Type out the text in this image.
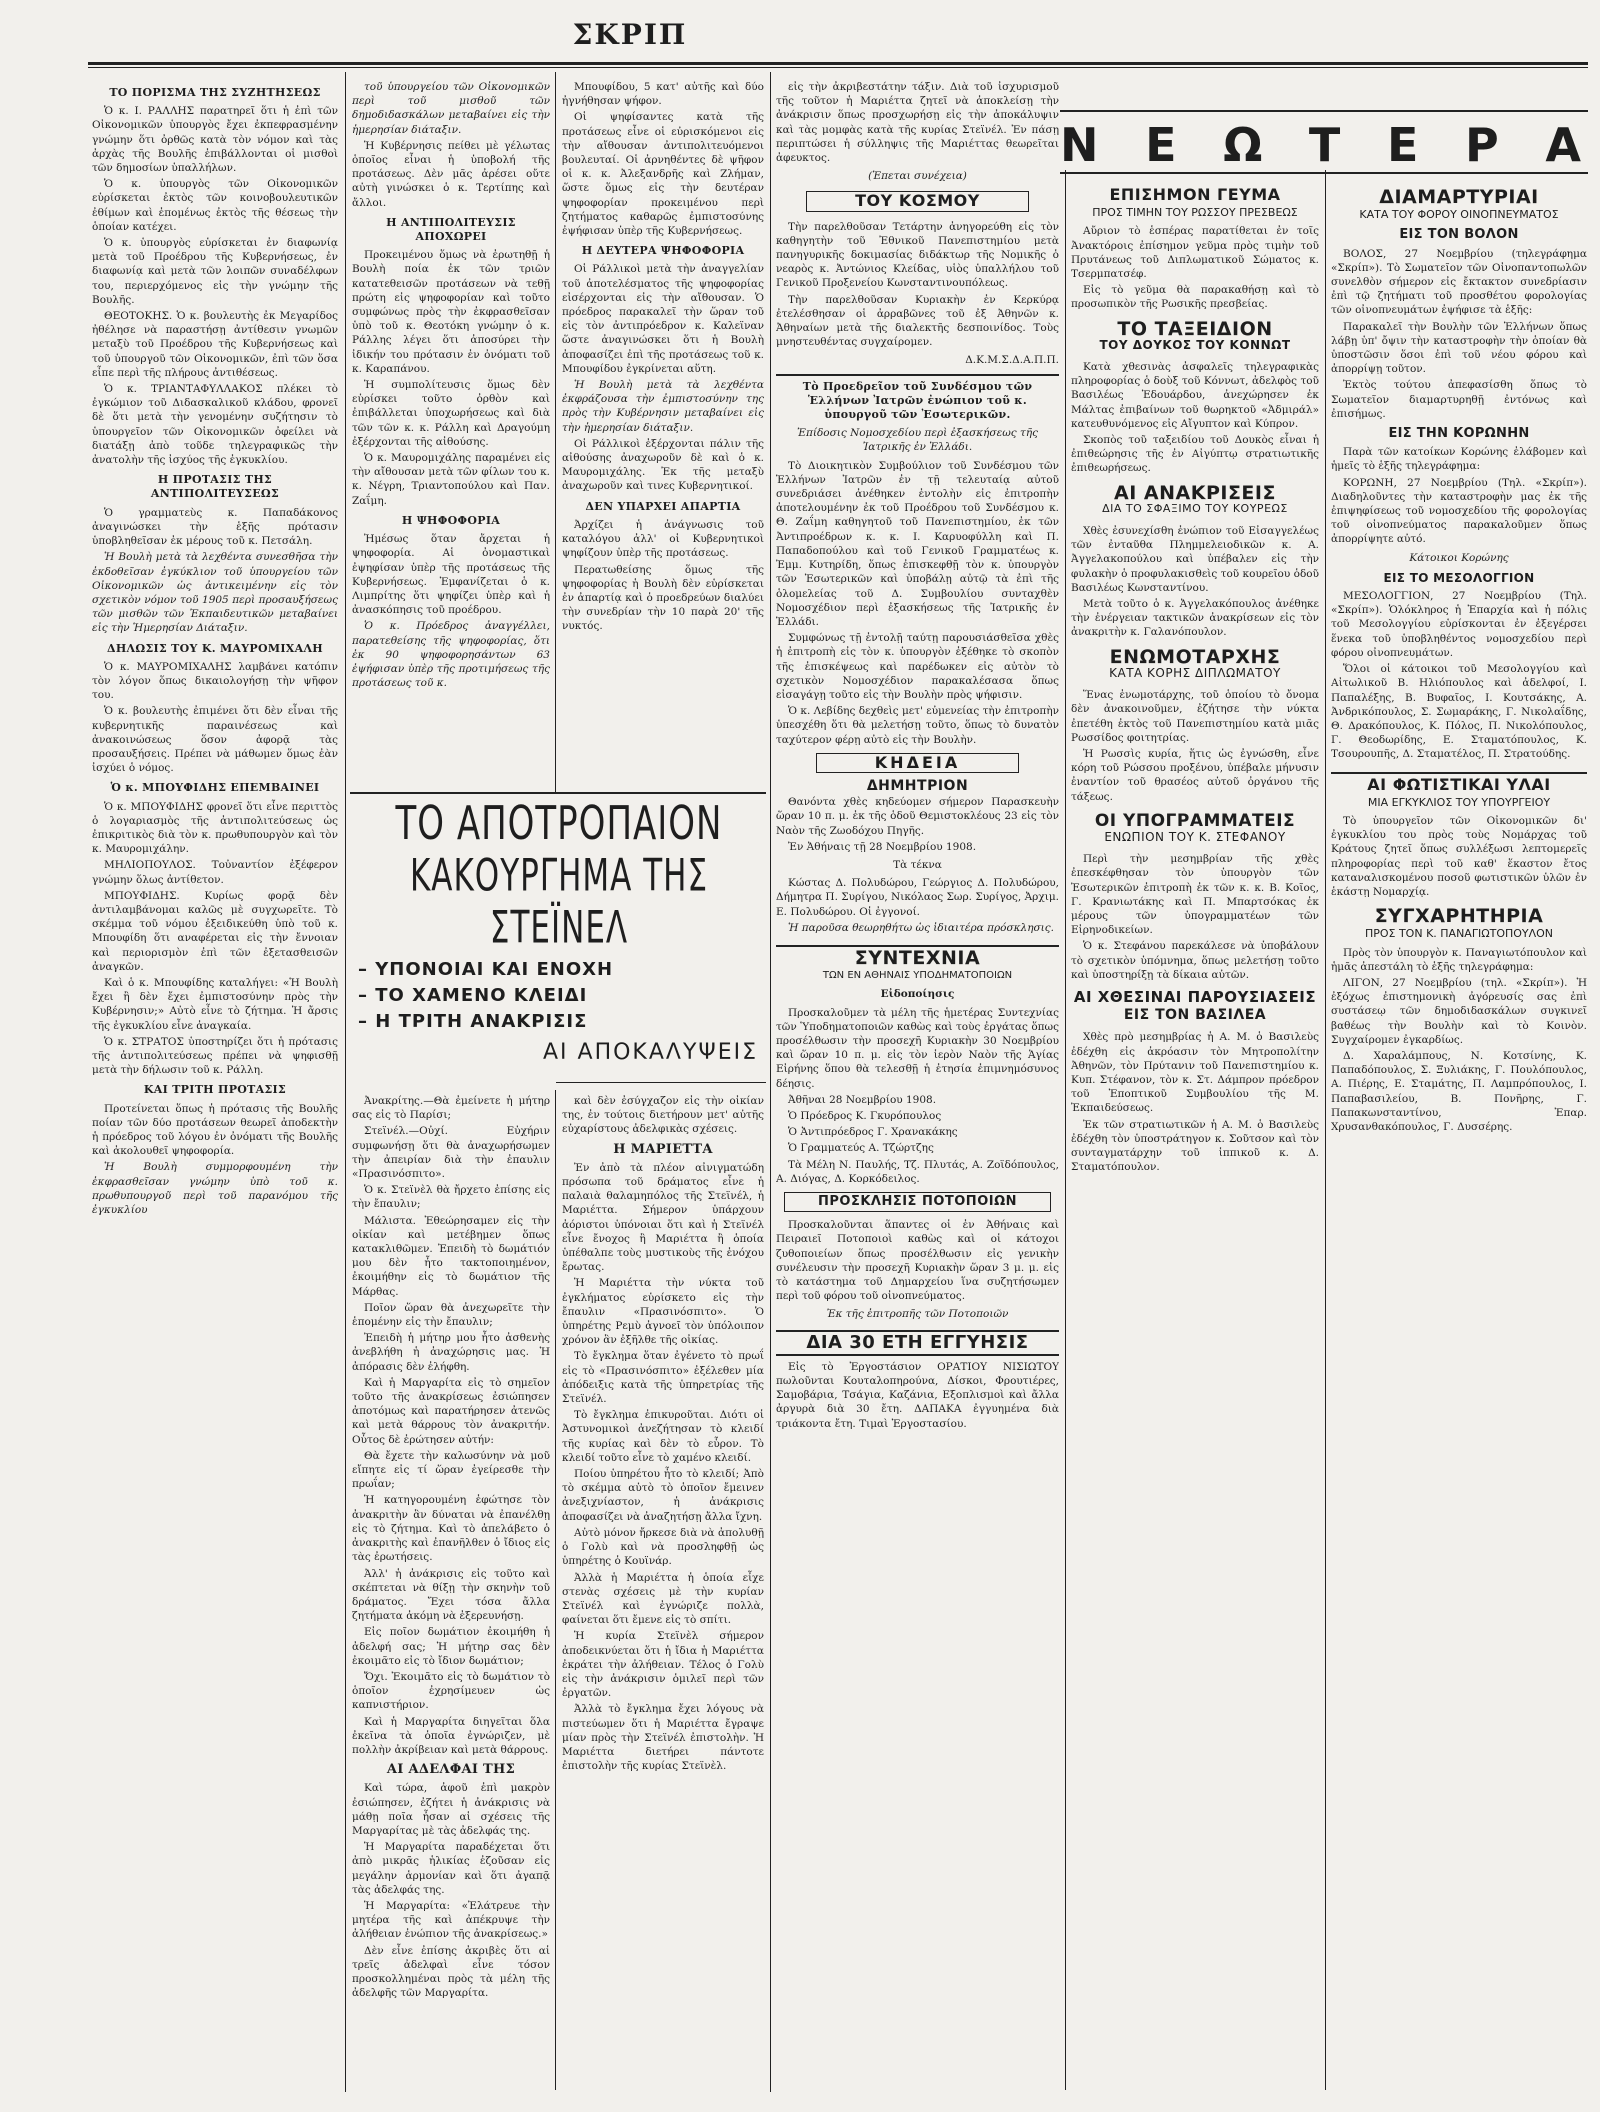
ΣΚΡΙΠ
ΤΟ ΠΟΡΙΣΜΑ ΤΗΣ ΣΥΖΗΤΗΣΕΩΣ

Ὁ κ. Ι. ΡΑΛΛΗΣ παρατηρεῖ ὅτι ἡ ἐπὶ τῶν Οἰκονομικῶν ὑπουργὸς ἔχει ἐκπεφρασμένην γνώμην ὅτι ὀρθῶς κατὰ τὸν νόμον καὶ τὰς ἀρχὰς τῆς Βουλῆς ἐπιβάλλονται οἱ μισθοὶ τῶν δημοσίων ὑπαλλήλων.

Ὁ κ. ὑπουργὸς τῶν Οἰκονομικῶν εὑρίσκεται ἐκτὸς τῶν κοινοβουλευτικῶν ἐθίμων καὶ ἐπομένως ἐκτὸς τῆς θέσεως τὴν ὁποίαν κατέχει.

Ὁ κ. ὑπουργὸς εὑρίσκεται ἐν διαφωνίᾳ μετὰ τοῦ Προέδρου τῆς Κυβερνήσεως, ἐν διαφωνίᾳ καὶ μετὰ τῶν λοιπῶν συναδέλφων του, περιερχόμενος εἰς τὴν γνώμην τῆς Βουλῆς.

ΘΕΟΤΟΚΗΣ. Ὁ κ. βουλευτὴς ἐκ Μεγαρίδος ἠθέλησε νὰ παραστήσῃ ἀντίθεσιν γνωμῶν μεταξὺ τοῦ Προέδρου τῆς Κυβερνήσεως καὶ τοῦ ὑπουργοῦ τῶν Οἰκονομικῶν, ἐπὶ τῶν ὅσα εἶπε περὶ τῆς πλήρους ἀντιθέσεως.

Ὁ κ. ΤΡΙΑΝΤΑΦΥΛΛΑΚΟΣ πλέκει τὸ ἐγκώμιον τοῦ Διδασκαλικοῦ κλάδου, φρονεῖ δὲ ὅτι μετὰ τὴν γενομένην συζήτησιν τὸ ὑπουργεῖον τῶν Οἰκονομικῶν ὀφείλει νὰ διατάξῃ ἀπὸ τοῦδε τηλεγραφικῶς τὴν ἀνατολὴν τῆς ἰσχύος τῆς ἐγκυκλίου.

Η ΠΡΟΤΑΣΙΣ ΤΗΣ ΑΝΤΙΠΟΛΙΤΕΥΣΕΩΣ

Ὁ γραμματεὺς κ. Παπαδάκονος ἀναγινώσκει τὴν ἑξῆς πρότασιν ὑποβληθεῖσαν ἐκ μέρους τοῦ κ. Πετσάλη.

Ἡ Βουλὴ μετὰ τὰ λεχθέντα συνεσθῆσα τὴν ἐκδοθεῖσαν ἐγκύκλιον τοῦ ὑπουργείου τῶν Οἰκονομικῶν ὡς ἀντικειμένην εἰς τὸν σχετικὸν νόμον τοῦ 1905 περὶ προσαυξήσεως τῶν μισθῶν τῶν Ἐκπαιδευτικῶν μεταβαίνει εἰς τὴν Ἡμερησίαν Διάταξιν.

ΔΗΛΩΣΙΣ ΤΟΥ Κ. ΜΑΥΡΟΜΙΧΑΛΗ

Ὁ κ. ΜΑΥΡΟΜΙΧΑΛΗΣ λαμβάνει κατόπιν τὸν λόγον ὅπως δικαιολογήσῃ τὴν ψῆφον του.

Ὁ κ. βουλευτὴς ἐπιμένει ὅτι δὲν εἶναι τῆς κυβερνητικῆς παραινέσεως καὶ ἀνακοινώσεως ὅσον ἀφορᾷ τὰς προσαυξήσεις. Πρέπει νὰ μάθωμεν ὅμως ἐὰν ἰσχύει ὁ νόμος.

Ὁ κ. ΜΠΟΥΦΙΔΗΣ ΕΠΕΜΒΑΙΝΕΙ

Ὁ κ. ΜΠΟΥΦΙΔΗΣ φρονεῖ ὅτι εἶνε περιττὸς ὁ λογαριασμὸς τῆς ἀντιπολιτεύσεως ὡς ἐπικριτικὸς διὰ τὸν κ. πρωθυπουργὸν καὶ τὸν κ. Μαυρομιχάλην.

ΜΗΛΙΟΠΟΥΛΟΣ. Τοὐναντίον ἐξέφερον γνώμην ὅλως ἀντίθετον.

ΜΠΟΥΦΙΔΗΣ. Κυρίως φορᾷ δὲν ἀντιλαμβάνομαι καλῶς μὲ συγχωρεῖτε. Τὸ σκέμμα τοῦ νόμου ἐξειδικεύθη ὑπὸ τοῦ κ. Μπουφίδη ὅτι αναφέρεται εἰς τὴν ἔννοιαν καὶ περιορισμὸν ἐπὶ τῶν ἐξετασθεισῶν ἀναγκῶν.

Καὶ ὁ κ. Μπουφίδης καταλήγει: «Ἡ Βουλὴ ἔχει ἢ δὲν ἔχει ἐμπιστοσύνην πρὸς τὴν Κυβέρνησιν;» Αὐτὸ εἶνε τὸ ζήτημα. Ἡ ἄρσις τῆς ἐγκυκλίου εἶνε ἀναγκαία.

Ὁ κ. ΣΤΡΑΤΟΣ ὑποστηρίζει ὅτι ἡ πρότασις τῆς ἀντιπολιτεύσεως πρέπει νὰ ψηφισθῇ μετὰ τὴν δήλωσιν τοῦ κ. Ράλλη.

ΚΑΙ ΤΡΙΤΗ ΠΡΟΤΑΣΙΣ

Προτείνεται ὅπως ἡ πρότασις τῆς Βουλῆς ποίαν τῶν δύο προτάσεων θεωρεῖ ἀποδεκτὴν ἡ πρόεδρος τοῦ λόγου ἐν ὀνόματι τῆς Βουλῆς καὶ ἀκολουθεῖ ψηφοφορία.

Ἡ Βουλὴ συμμορφουμένη τὴν ἐκφρασθεῖσαν γνώμην ὑπὸ τοῦ κ. πρωθυπουργοῦ περὶ τοῦ παρανόμου τῆς ἐγκυκλίου

τοῦ ὑπουργείου τῶν Οἰκονομικῶν περὶ τοῦ μισθοῦ τῶν δημοδιδασκάλων μεταβαίνει εἰς τὴν ἡμερησίαν διάταξιν.

Ἡ Κυβέρνησις πείθει μὲ γέλωτας ὁποῖος εἶναι ἡ ὑποβολή τῆς προτάσεως. Δὲν μᾶς ἀρέσει οὔτε αὐτὴ γινώσκει ὁ κ. Τερτίπης καὶ ἄλλοι.

Η ΑΝΤΙΠΟΛΙΤΕΥΣΙΣ ΑΠΟΧΩΡΕΙ

Προκειμένου ὅμως νὰ ἐρωτηθῇ ἡ Βουλὴ ποία ἐκ τῶν τριῶν κατατεθεισῶν προτάσεων νὰ τεθῇ πρώτη εἰς ψηφοφορίαν καὶ τοῦτο συμφώνως πρὸς τὴν ἐκφρασθεῖσαν ὑπὸ τοῦ κ. Θεοτόκη γνώμην ὁ κ. Ράλλης λέγει ὅτι ἀποσύρει τὴν ἰδικήν του πρότασιν ἐν ὀνόματι τοῦ κ. Καραπάνου.

Ἡ συμπολίτευσις ὅμως δὲν εὑρίσκει τοῦτο ὀρθὸν καὶ ἐπιβάλλεται ὑποχωρήσεως καὶ διὰ τῶν τῶν κ. κ. Ράλλη καὶ Δραγούμη ἐξέρχονται τῆς αἰθούσης.

Ὁ κ. Μαυρομιχάλης παραμένει εἰς τὴν αἴθουσαν μετὰ τῶν φίλων του κ. κ. Νέγρη, Τριαντοπούλου καὶ Παν. Ζαΐμη.

Η ΨΗΦΟΦΟΡΙΑ

Ἠμέσως ὅταν ἄρχεται ἡ ψηφοφορία. Αἱ ὀνομαστικαὶ ἐψηφίσαν ὑπὲρ τῆς προτάσεως τῆς Κυβερνήσεως. Ἐμφανίζεται ὁ κ. Λιμπρίτης ὅτι ψηφίζει ὑπὲρ καὶ ἡ ἀνασκόπησις τοῦ προέδρου.

Ὁ κ. Πρόεδρος ἀναγγέλλει, παρατεθείσης τῆς ψηφοφορίας, ὅτι ἐκ 90 ψηφοφορησάντων 63 ἐψήφισαν ὑπὲρ τῆς προτιμήσεως τῆς προτάσεως τοῦ κ.

Μπουφίδου, 5 κατ' αὐτῆς καὶ δύο ἠγνήθησαν ψήφον.

Οἱ ψηφίσαντες κατὰ τῆς προτάσεως εἶνε οἱ εὐρισκόμενοι εἰς τὴν αἴθουσαν ἀντιπολιτευόμενοι βουλευταί. Οἱ ἀρνηθέντες δὲ ψῆφον οἱ κ. κ. Ἀλεξανδρῆς καὶ Ζλήμαν, ὥστε ὅμως εἰς τὴν δευτέραν ψηφοφορίαν προκειμένου περὶ ζητήματος καθαρῶς ἐμπιστοσύνης ἐψήφισαν ὑπὲρ τῆς Κυβερνήσεως.

Η ΔΕΥΤΕΡΑ ΨΗΦΟΦΟΡΙΑ

Οἱ Ράλλικοὶ μετὰ τὴν ἀναγγελίαν τοῦ ἀποτελέσματος τῆς ψηφοφορίας εἰσέρχονται εἰς τὴν αἴθουσαν. Ὁ πρόεδρος παρακαλεῖ τὴν ὥραν τοῦ εἰς τὸν ἀντιπρόεδρον κ. Καλεϊναν ὥστε ἀναγινώσκει ὅτι ἡ Βουλὴ ἀποφασίζει ἐπὶ τῆς προτάσεως τοῦ κ. Μπουφίδου ἐγκρίνεται αὕτη.

Ἡ Βουλὴ μετὰ τὰ λεχθέντα ἐκφράζουσα τὴν ἐμπιστοσύνην της πρὸς τὴν Κυβέρνησιν μεταβαίνει εἰς τὴν ἡμερησίαν διάταξιν.

Οἱ Ράλλικοὶ ἐξέρχονται πάλιν τῆς αἰθούσης ἀναχωροῦν δὲ καὶ ὁ κ. Μαυρομιχάλης. Ἐκ τῆς μεταξὺ ἀναχωροῦν καὶ τινες Κυβερνητικοί.

ΔΕΝ ΥΠΑΡΧΕΙ ΑΠΑΡΤΙΑ

Ἀρχίζει ἡ ἀνάγνωσις τοῦ καταλόγου ἀλλ' οἱ Κυβερνητικοὶ ψηφίζουν ὑπὲρ τῆς προτάσεως.

Περατωθείσης ὅμως τῆς ψηφοφορίας ἡ Βουλὴ δὲν εὑρίσκεται ἐν ἀπαρτίᾳ καὶ ὁ προεδρεύων διαλύει τὴν συνεδρίαν τὴν 10 παρὰ 20' τῆς νυκτός.

ΤΟ ΑΠΟΤΡΟΠΑΙΟΝ
ΚΑΚΟΥΡΓΗΜΑ ΤΗΣ ΣΤΕΪΝΕΛ
– ΥΠΟΝΟΙΑΙ ΚΑΙ ΕΝΟΧΗ
– ΤΟ ΧΑΜΕΝΟ ΚΛΕΙΔΙ
– Η ΤΡΙΤΗ ΑΝΑΚΡΙΣΙΣ
ΑΙ ΑΠΟΚΑΛΥΨΕΙΣ

Ἀνακρίτης.—Θὰ ἐμείνετε ἡ μήτηρ σας εἰς τὸ Παρίσι;

Στεϊνέλ.—Οὐχί. Εὐχήριν συμφωνήσῃ ὅτι θὰ ἀναχωρήσωμεν τὴν ἀπειρίαν διὰ τὴν ἐπαυλιν «Πρασινόσπιτο».

Ὁ κ. Στεϊνὲλ θὰ ἤρχετο ἐπίσης εἰς τὴν ἔπαυλιν;

Μάλιστα. Ἐθεώρησαμεν εἰς τὴν οἰκίαν καὶ μετέβημεν ὅπως κατακλιθῶμεν. Ἐπειδὴ τὸ δωμάτιόν μου δὲν ἦτο τακτοποιημένον, ἐκοιμήθην εἰς τὸ δωμάτιον τῆς Μάρθας.

Ποῖον ὥραν θὰ ἀνεχωρεῖτε τὴν ἑπομένην εἰς τὴν ἔπαυλιν;

Ἐπειδὴ ἡ μήτηρ μου ἦτο ἀσθενὴς ἀνεβλήθη ἡ ἀναχώρησις μας. Ἡ ἀπόρασις δὲν ἐλήφθη.

Καὶ ἡ Μαργαρίτα εἰς τὸ σημεῖον τοῦτο τῆς ἀνακρίσεως ἐσιώπησεν ἀποτόμως καὶ παρατήρησεν ἀτενῶς καὶ μετὰ θάρρους τὸν ἀνακριτήν. Οὗτος δὲ ἐρώτησεν αὐτήν:

Θὰ ἔχετε τὴν καλωσύνην νὰ μοῦ εἴπητε εἰς τί ὥραν ἐγείρεσθε τὴν πρωΐαν;

Ἡ κατηγορουμένη ἐφώτησε τὸν ἀνακριτὴν ἂν δύναται νὰ ἐπανέλθῃ εἰς τὸ ζήτημα. Καὶ τὸ ἀπελάβετο ὁ ἀνακριτὴς καὶ ἐπανῆλθεν ὁ ἴδιος εἰς τὰς ἐρωτήσεις.

Ἀλλ' ἡ ἀνάκρισις εἰς τοῦτο καὶ σκέπτεται νὰ θίξῃ τὴν σκηνὴν τοῦ δράματος. Ἔχει τόσα ἄλλα ζητήματα ἀκόμη νὰ ἐξερευνήσῃ.

Εἰς ποῖον δωμάτιον ἐκοιμήθη ἡ ἀδελφή σας; Ἡ μήτηρ σας δὲν ἐκοιμᾶτο εἰς τὸ ἴδιον δωμάτιον;

Ὄχι. Ἐκοιμᾶτο εἰς τὸ δωμάτιον τὸ ὁποῖον ἐχρησίμευεν ὡς καπνιστήριον.

Καὶ ἡ Μαργαρίτα διηγεῖται ὅλα ἐκεῖνα τὰ ὁποῖα ἐγνώριζεν, μὲ πολλὴν ἀκρίβειαν καὶ μετὰ θάρρους.

ΑΙ ΑΔΕΛΦΑΙ ΤΗΣ

Καὶ τώρα, ἀφοῦ ἐπὶ μακρὸν ἐσιώπησεν, ἐζήτει ἡ ἀνάκρισις νὰ μάθῃ ποῖα ἦσαν αἱ σχέσεις τῆς Μαργαρίτας μὲ τὰς ἀδελφάς της.

Ἡ Μαργαρίτα παραδέχεται ὅτι ἀπὸ μικρᾶς ἡλικίας ἐζοῦσαν εἰς μεγάλην ἁρμονίαν καὶ ὅτι ἀγαπᾷ τὰς ἀδελφάς της.

Ἡ Μαργαρίτα: «Ἐλάτρευε τὴν μητέρα τῆς καὶ ἀπέκρυψε τὴν ἀλήθειαν ἐνώπιον τῆς ἀνακρίσεως.»

Δὲν εἶνε ἐπίσης ἀκριβὲς ὅτι αἱ τρεῖς ἀδελφαὶ εἶνε τόσον προσκολλημέναι πρὸς τὰ μέλη τῆς ἀδελφῆς τῶν Μαργαρίτα.

καὶ δὲν ἐσύγχαζον εἰς τὴν οἰκίαν της, ἐν τούτοις διετήρουν μετ' αὐτῆς εὐχαρίστους ἀδελφικὰς σχέσεις.

Η ΜΑΡΙΕΤΤΑ

Ἐν ἀπὸ τὰ πλέον αἰνιγματώδη πρόσωπα τοῦ δράματος εἶνε ἡ παλαιὰ θαλαμηπόλος τῆς Στεϊνέλ, ἡ Μαριέττα. Σήμερον ὑπάρχουν ἀόριστοι ὑπόνοιαι ὅτι καὶ ἡ Στεϊνέλ εἶνε ἔνοχος ἢ Μαριέττα ἢ ὁποία ὑπέθαλπε τοὺς μυστικοὺς τῆς ἐνόχου ἔρωτας.

Ἡ Μαριέττα τὴν νύκτα τοῦ ἐγκλήματος εὑρίσκετο εἰς τὴν ἔπαυλιν «Πρασινόσπιτο». Ὁ ὑπηρέτης Ρεμὺ ἀγνοεῖ τὸν ὑπόλοιπον χρόνον ἂν ἐξῆλθε τῆς οἰκίας.

Τὸ ἔγκλημα ὅταν ἐγένετο τὸ πρωΐ εἰς τὸ «Πρασινόσπιτο» ἐξέλεθεν μία ἀπόδειξις κατὰ τῆς ὑπηρετρίας τῆς Στεϊνέλ.

Τὸ ἔγκλημα ἐπικυροῦται. Διότι οἱ Ἀστυνομικοὶ ἀνεζήτησαν τὸ κλειδί τῆς κυρίας καὶ δὲν τὸ εὗρον. Τὸ κλειδί τοῦτο εἶνε τὸ χαμένο κλειδί.

Ποίου ὑπηρέτου ἦτο τὸ κλειδί; Ἀπὸ τὸ σκέμμα αὐτὸ τὸ ὁποῖον ἔμεινεν ἀνεξιχνίαστον, ἡ ἀνάκρισις ἀποφασίζει νὰ ἀναζητήσῃ ἄλλα ἴχνη.

Αὐτὸ μόνον ἤρκεσε διὰ νὰ ἀπολυθῇ ὁ Γολὺ καὶ νὰ προσληφθῇ ὡς ὑπηρέτης ὁ Κουϊνάρ.

Ἀλλὰ ἡ Μαριέττα ἡ ὁποία εἶχε στενὰς σχέσεις μὲ τὴν κυρίαν Στεϊνέλ καὶ ἐγνώριζε πολλὰ, φαίνεται ὅτι ἔμενε εἰς τὸ σπίτι.

Ἡ κυρία Στεϊνὲλ σήμερον ἀποδεικνύεται ὅτι ἡ ἴδια ἡ Μαριέττα ἐκράτει τὴν ἀλήθειαν. Τέλος ὁ Γολὺ εἰς τὴν ἀνάκρισιν ὁμιλεῖ περὶ τῶν ἐργατῶν.

Ἀλλὰ τὸ ἔγκλημα ἔχει λόγους νὰ πιστεύωμεν ὅτι ἡ Μαριέττα ἔγραψε μίαν πρὸς τὴν Στεϊνέλ ἐπιστολὴν. Ἡ Μαριέττα διετήρει πάντοτε ἐπιστολὴν τῆς κυρίας Στεϊνὲλ.

εἰς τὴν ἀκριβεστάτην τάξιν. Διὰ τοῦ ἰσχυρισμοῦ τῆς τοῦτον ἡ Μαριέττα ζητεῖ νὰ ἀποκλείσῃ τὴν ἀνάκρισιν ὅπως προσχωρήσῃ εἰς τὴν ἀποκάλυψιν καὶ τὰς μομφὰς κατὰ τῆς κυρίας Στεϊνέλ. Ἐν πάσῃ περιπτώσει ἡ σύλληψις τῆς Μαριέττας θεωρεῖται ἀφευκτος.

(Ἐπεται συνέχεια)
ΤΟΥ ΚΟΣΜΟΥ

Τὴν παρελθοῦσαν Τετάρτην ἀνηγορεύθη εἰς τὸν καθηγητὴν τοῦ Ἐθνικοῦ Πανεπιστημίου μετὰ πανηγυρικῆς δοκιμασίας διδάκτωρ τῆς Νομικῆς ὁ νεαρὸς κ. Ἀντώνιος Κλείδας, υἱὸς ὑπαλλήλου τοῦ Γενικοῦ Προξενείου Κωνσταντινουπόλεως.

Τὴν παρελθοῦσαν Κυριακὴν ἐν Κερκύρᾳ ἐτελέσθησαν οἱ ἀρραβῶνες τοῦ ἐξ Ἀθηνῶν κ. Ἀθηναίων μετὰ τῆς διαλεκτῆς δεσποινίδος. Τοὺς μνηστευθέντας συγχαίρομεν.

Δ.Κ.Μ.Σ.Δ.Α.Π.Π.
Τὸ Προεδρεῖον τοῦ Συνδέσμου τῶν Ἑλλήνων Ἰατρῶν ἐνώπιον τοῦ κ. ὑπουργοῦ τῶν Ἐσωτερικῶν.
Ἐπίδοσις Νομοσχεδίου περὶ ἐξασκήσεως τῆς Ἰατρικῆς ἐν Ἑλλάδι.

Τὸ Διοικητικὸν Συμβούλιον τοῦ Συνδέσμου τῶν Ἑλλήνων Ἰατρῶν ἐν τῇ τελευταίᾳ αὐτοῦ συνεδριάσει ἀνέθηκεν ἐντολὴν εἰς ἐπιτροπὴν ἀποτελουμένην ἐκ τοῦ Προέδρου τοῦ Συνδέσμου κ. Θ. Ζαΐμη καθηγητοῦ τοῦ Πανεπιστημίου, ἐκ τῶν Ἀντιπροέδρων κ. κ. Ι. Καρυοφύλλη καὶ Π. Παπαδοπούλου καὶ τοῦ Γενικοῦ Γραμματέως κ. Ἐμμ. Κυτηρίδη, ὅπως ἐπισκεφθῇ τὸν κ. ὑπουργὸν τῶν Ἐσωτερικῶν καὶ ὑποβάλῃ αὐτῷ τὰ ἐπὶ τῆς ὁλομελείας τοῦ Δ. Συμβουλίου συνταχθὲν Νομοσχέδιον περὶ ἐξασκήσεως τῆς Ἰατρικῆς ἐν Ἑλλάδι.

Συμφώνως τῇ ἐντολῇ ταύτῃ παρουσιάσθεῖσα χθὲς ἡ ἐπιτροπὴ εἰς τὸν κ. ὑπουργὸν ἐξέθηκε τὸ σκοπὸν τῆς ἐπισκέψεως καὶ παρέδωκεν εἰς αὐτὸν τὸ σχετικὸν Νομοσχέδιον παρακαλέσασα ὅπως εἰσαγάγῃ τοῦτο εἰς τὴν Βουλὴν πρὸς ψήφισιν.

Ὁ κ. Λεβίδης δεχθεὶς μετ' εὐμενείας τὴν ἐπιτροπὴν ὑπεσχέθη ὅτι θὰ μελετήσῃ τοῦτο, ὅπως τὸ δυνατὸν ταχύτερον φέρῃ αὐτὸ εἰς τὴν Βουλὴν.

ΚΗΔΕΙΑ
ΔΗΜΗΤΡΙΟΝ

Θανόντα χθὲς κηδεύομεν σήμερον Παρασκευὴν ὥραν 10 π. μ. ἐκ τῆς ὁδοῦ Θεμιστοκλέους 23 εἰς τὸν Ναὸν τῆς Ζωοδόχου Πηγῆς.

Ἐν Ἀθήναις τῇ 28 Νοεμβρίου 1908.

Τὰ τέκνα

Κώστας Δ. Πολυδώρου, Γεώργιος Δ. Πολυδώρου, Δήμητρα Π. Συρίγου, Νικόλαος Σωρ. Συρίγος, Ἀρχιμ. Ε. Πολυδώρου. Οἱ ἐγγονοί.

Ἡ παροῦσα θεωρηθήτω ὡς ἰδιαιτέρα πρόσκλησις.

ΣΥΝΤΕΧΝΙΑ
ΤΩΝ ΕΝ ΑΘΗΝΑΙΣ ΥΠΟΔΗΜΑΤΟΠΟΙΩΝ
Εἰδοποίησις

Προσκαλοῦμεν τὰ μέλη τῆς ἡμετέρας Συντεχνίας τῶν Ὑποδηματοποιῶν καθὼς καὶ τοὺς ἐργάτας ὅπως προσέλθωσιν τὴν προσεχῆ Κυριακὴν 30 Νοεμβρίου καὶ ὥραν 10 π. μ. εἰς τὸν ἱερὸν Ναὸν τῆς Ἁγίας Εἰρήνης ὅπου θὰ τελεσθῇ ἡ ἐτησία ἐπιμνημόσυνος δέησις.

Ἀθῆναι 28 Νοεμβρίου 1908.

Ὁ Πρόεδρος Κ. Γκυρόπουλος

Ὁ Ἀντιπρόεδρος Γ. Χρανακάκης

Ὁ Γραμματεύς Α. Τζώρτζης

Τὰ Μέλη Ν. Παυλής, Τζ. Πλυτάς, Α. Ζοϊδόπουλος, Α. Διόγας, Δ. Κορκόδειλος.

ΠΡΟΣΚΛΗΣΙΣ ΠΟΤΟΠΟΙΩΝ

Προσκαλοῦνται ἅπαντες οἱ ἐν Ἀθήναις καὶ Πειραιεῖ Ποτοποιοὶ καθὼς καὶ οἱ κάτοχοι ζυθοποιείων ὅπως προσέλθωσιν εἰς γενικὴν συνέλευσιν τὴν προσεχῆ Κυριακὴν ὥραν 3 μ. μ. εἰς τὸ κατάστημα τοῦ Δημαρχείου ἵνα συζητήσωμεν περὶ τοῦ φόρου τοῦ οἰνοπνεύματος.

Ἐκ τῆς ἐπιτροπῆς τῶν Ποτοποιῶν
ΔΙΑ 30 ΕΤΗ ΕΓΓΥΗΣΙΣ

Εἰς τὸ Ἐργοστάσιον ΟΡΑΤΙΟΥ ΝΙΣΙΩΤΟΥ πωλοῦνται Κουταλοπηρούνα, Δίσκοι, Φρουτιέρες, Σαμοβάρια, Τσάγια, Καζάνια, Εξοπλισμοὶ καὶ ἄλλα ἀργυρὰ διὰ 30 ἔτη. ΔΑΠΑΚΑ ἐγγυημένα διὰ τριάκοντα ἔτη. Τιμαὶ Ἐργοστασίου.

Ν Ε Ω Τ Ε Ρ Α
ΕΠΙΣΗΜΟΝ ΓΕΥΜΑ
ΠΡΟΣ ΤΙΜΗΝ ΤΟΥ ΡΩΣΣΟΥ ΠΡΕΣΒΕΩΣ

Αὔριον τὸ ἑσπέρας παρατίθεται ἐν τοῖς Ἀνακτόροις ἐπίσημον γεῦμα πρὸς τιμὴν τοῦ Πρυτάνεως τοῦ Διπλωματικοῦ Σώματος κ. Τσερμπατσέφ.

Εἰς τὸ γεῦμα θὰ παρακαθήσῃ καὶ τὸ προσωπικὸν τῆς Ρωσικῆς πρεσβείας.

ΤΟ ΤΑΞΕΙΔΙΟΝ
ΤΟΥ ΔΟΥΚΟΣ ΤΟΥ ΚΟΝΝΩΤ

Κατὰ χθεσινὰς ἀσφαλεῖς τηλεγραφικὰς πληροφορίας ὁ δοὺξ τοῦ Κόννωτ, ἀδελφὸς τοῦ Βασιλέως Ἐδουάρδου, ἀνεχώρησεν ἐκ Μάλτας ἐπιβαίνων τοῦ θωρηκτοῦ «Ἀδμιράλ» κατευθυνόμενος εἰς Αἴγυπτον καὶ Κύπρον.

Σκοπὸς τοῦ ταξειδίου τοῦ Δουκὸς εἶναι ἡ ἐπιθεώρησις τῆς ἐν Αἰγύπτῳ στρατιωτικῆς ἐπιθεωρήσεως.

ΑΙ ΑΝΑΚΡΙΣΕΙΣ
ΔΙΑ ΤΟ ΣΦΑΞΙΜΟ ΤΟΥ ΚΟΥΡΕΩΣ

Χθὲς ἐσυνεχίσθη ἐνώπιον τοῦ Εἰσαγγελέως τῶν ἐνταῦθα Πλημμελειοδικῶν κ. Α. Ἀγγελακοπούλου καὶ ὑπέβαλεν εἰς τὴν φυλακὴν ὁ προφυλακισθεὶς τοῦ κουρεῖου ὁδοῦ Βασιλέως Κωνσταντίνου.

Μετὰ τοῦτο ὁ κ. Ἀγγελακόπουλος ἀνέθηκε τὴν ἐνέργειαν τακτικῶν ἀνακρίσεων εἰς τὸν ἀνακριτὴν κ. Γαλανόπουλον.

ΕΝΩΜΟΤΑΡΧΗΣ
ΚΑΤΑ ΚΟΡΗΣ ΔΙΠΛΩΜΑΤΟΥ

Ἕνας ἐνωμοτάρχης, τοῦ ὁποίου τὸ ὄνομα δὲν ἀνακοινοῦμεν, ἐζήτησε τὴν νύκτα ἐπετέθη ἐκτὸς τοῦ Πανεπιστημίου κατὰ μιᾶς Ρωσσίδος φοιτητρίας.

Ἡ Ρωσσὶς κυρία, ἥτις ὡς ἐγνώσθη, εἶνε κόρη τοῦ Ρώσσου προξένου, ὑπέβαλε μήνυσιν ἐναντίον τοῦ θρασέος αὐτοῦ ὀργάνου τῆς τάξεως.

ΟΙ ΥΠΟΓΡΑΜΜΑΤΕΙΣ
ΕΝΩΠΙΟΝ ΤΟΥ Κ. ΣΤΕΦΑΝΟΥ

Περὶ τὴν μεσημβρίαν τῆς χθὲς ἐπεσκέφθησαν τὸν ὑπουργὸν τῶν Ἐσωτερικῶν ἐπιτροπὴ ἐκ τῶν κ. κ. Β. Κοῖος, Γ. Κρανιωτάκης καὶ Π. Μπαρτσόκας ἐκ μέρους τῶν ὑπογραμματέων τῶν Εἰρηνοδικείων.

Ὁ κ. Στεφάνου παρεκάλεσε νὰ ὑποβάλουν τὸ σχετικὸν ὑπόμνημα, ὅπως μελετήσῃ τοῦτο καὶ ὑποστηρίξῃ τὰ δίκαια αὐτῶν.

ΑΙ ΧΘΕΣΙΝΑΙ ΠΑΡΟΥΣΙΑΣΕΙΣ
ΕΙΣ ΤΟΝ ΒΑΣΙΛΕΑ

Χθὲς πρὸ μεσημβρίας ἡ Α. Μ. ὁ Βασιλεὺς ἐδέχθη εἰς ἀκρόασιν τὸν Μητροπολίτην Ἀθηνῶν, τὸν Πρύτανιν τοῦ Πανεπιστημίου κ. Κυπ. Στέφανον, τὸν κ. Στ. Δάμπρον πρόεδρον τοῦ Ἐποπτικοῦ Συμβουλίου τῆς Μ. Ἐκπαιδεύσεως.

Ἐκ τῶν στρατιωτικῶν ἡ Α. Μ. ὁ Βασιλεὺς ἐδέχθη τὸν ὑποστράτηγον κ. Σοῦτσον καὶ τὸν συνταγματάρχην τοῦ ἱππικοῦ κ. Δ. Σταματόπουλον.

ΔΙΑΜΑΡΤΥΡΙΑΙ
ΚΑΤΑ ΤΟΥ ΦΟΡΟΥ ΟΙΝΟΠΝΕΥΜΑΤΟΣ
ΕΙΣ ΤΟΝ ΒΟΛΟΝ

ΒΟΛΟΣ, 27 Νοεμβρίου (τηλεγράφημα «Σκρίπ»). Τὸ Σωματεῖον τῶν Οἰνοπαντοπωλῶν συνελθὸν σήμερον εἰς ἔκτακτον συνεδρίασιν ἐπὶ τῷ ζητήματι τοῦ προσθέτου φορολογίας τῶν οἰνοπνευμάτων ἐψήφισε τὰ ἑξῆς:

Παρακαλεῖ τὴν Βουλὴν τῶν Ἑλλήνων ὅπως λάβῃ ὑπ' ὄψιν τὴν καταστροφὴν τὴν ὁποίαν θὰ ὑποστῶσιν ὅσοι ἐπὶ τοῦ νέου φόρου καὶ ἀπορρίψῃ τοῦτον.

Ἐκτὸς τούτου ἀπεφασίσθη ὅπως τὸ Σωματεῖον διαμαρτυρηθῇ ἐντόνως καὶ ἐπισήμως.

ΕΙΣ ΤΗΝ ΚΟΡΩΝΗΝ

Παρὰ τῶν κατοίκων Κορώνης ἐλάβομεν καὶ ἡμεῖς τὸ ἑξῆς τηλεγράφημα:

ΚΟΡΩΝΗ, 27 Νοεμβρίου (Τηλ. «Σκρίπ»). Διαδηλοῦντες τὴν καταστροφὴν μας ἐκ τῆς ἐπιψηφίσεως τοῦ νομοσχεδίου τῆς φορολογίας τοῦ οἰνοπνεύματος παρακαλοῦμεν ὅπως ἀπορρίψητε αὐτό.

Κάτοικοι Κορώνης
ΕΙΣ ΤΟ ΜΕΣΟΛΟΓΓΙΟΝ

ΜΕΣΟΛΟΓΓΙΟΝ, 27 Νοεμβρίου (Τηλ. «Σκρίπ»). Ὁλόκληρος ἡ Ἐπαρχία καὶ ἡ πόλις τοῦ Μεσολογγίου εὑρίσκονται ἐν ἐξεγέρσει ἕνεκα τοῦ ὑποβληθέντος νομοσχεδίου περὶ φόρου οἰνοπνευμάτων.

Ὅλοι οἱ κάτοικοι τοῦ Μεσολογγίου καὶ Αἰτωλικοῦ Β. Ηλιόπουλος καὶ ἀδελφοί, Ι. Παπαλέξης, Β. Βυφαῖος, Ι. Κουτσάκης, Α. Ἀνδρικόπουλος, Σ. Σωμαράκης, Γ. Νικολαΐδης, Θ. Δρακόπουλος, Κ. Πόλος, Π. Νικολόπουλος, Γ. Θεοδωρίδης, Ε. Σταματόπουλος, Κ. Τσουρουπῆς, Δ. Σταματέλος, Π. Στρατούδης.

ΑΙ ΦΩΤΙΣΤΙΚΑΙ ΥΛΑΙ
ΜΙΑ ΕΓΚΥΚΛΙΟΣ ΤΟΥ ΥΠΟΥΡΓΕΙΟΥ

Τὸ ὑπουργεῖον τῶν Οἰκονομικῶν δι' ἐγκυκλίου του πρὸς τοὺς Νομάρχας τοῦ Κράτους ζητεῖ ὅπως συλλέξωσι λεπτομερεῖς πληροφορίας περὶ τοῦ καθ' ἕκαστον ἔτος καταναλισκομένου ποσοῦ φωτιστικῶν ὑλῶν ἐν ἑκάστῃ Νομαρχίᾳ.

ΣΥΓΧΑΡΗΤΗΡΙΑ
ΠΡΟΣ ΤΟΝ Κ. ΠΑΝΑΓΙΩΤΟΠΟΥΛΟΝ

Πρὸς τὸν ὑπουργὸν κ. Παναγιωτόπουλον καὶ ἡμᾶς ἀπεστάλη τὸ ἑξῆς τηλεγράφημα:

ΛΙΓΟΝ, 27 Νοεμβρίου (τηλ. «Σκρίπ»). Ἡ ἐξόχως ἐπιστημονικὴ ἀγόρευσίς σας ἐπὶ συστάσεῳ τῶν δημοδιδασκάλων συγκινεῖ βαθέως τὴν Βουλὴν καὶ τὸ Κοινὸν. Συγχαίρομεν ἐγκαρδίως.

Δ. Χαραλάμπους, Ν. Κοτσίνης, Κ. Παπαδόπουλος, Σ. Ξυλιάκης, Γ. Πουλόπουλος, Α. Πιέρης, Ε. Σταμάτης, Π. Λαμπρόπουλος, Ι. Παπαβασιλείου, Β. Πονῆρης, Γ. Παπακωνσταντίνου, Ἐπαρ. Χρυσανθακόπουλος, Γ. Δυσσέρης.
